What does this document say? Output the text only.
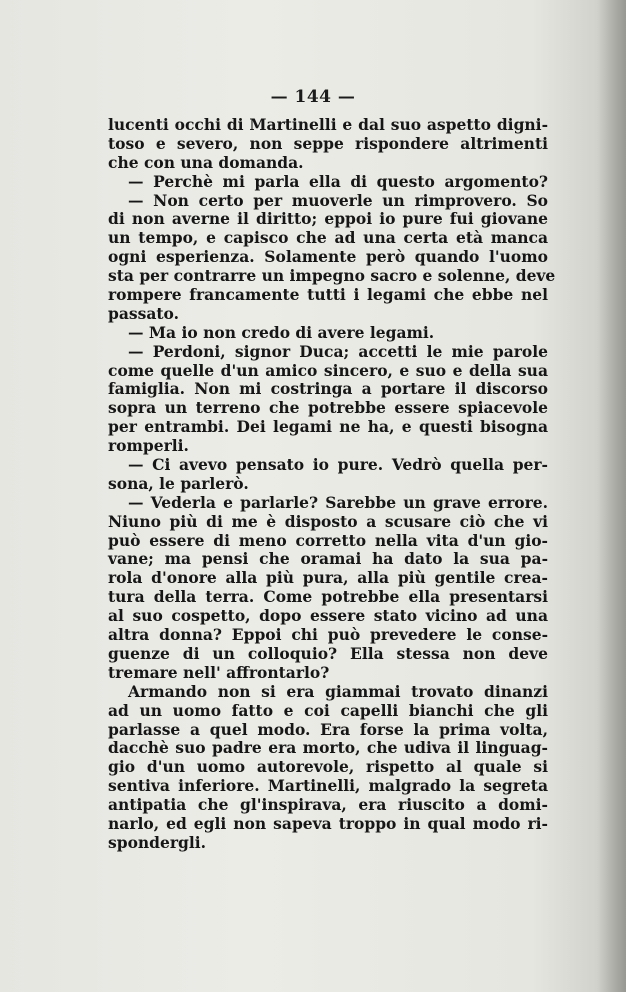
— 144 —
lucenti occhi di Martinelli e dal suo aspetto digni-
toso e severo, non seppe rispondere altrimenti
che con una domanda.
— Perchè mi parla ella di questo argomento?
— Non certo per muoverle un rimprovero. So
di non averne il diritto; eppoi io pure fui giovane
un tempo, e capisco che ad una certa età manca
ogni esperienza. Solamente però quando l'uomo
sta per contrarre un impegno sacro e solenne, deve
rompere francamente tutti i legami che ebbe nel
passato.
— Ma io non credo di avere legami.
— Perdoni, signor Duca; accetti le mie parole
come quelle d'un amico sincero, e suo e della sua
famiglia. Non mi costringa a portare il discorso
sopra un terreno che potrebbe essere spiacevole
per entrambi. Dei legami ne ha, e questi bisogna
romperli.
— Ci avevo pensato io pure. Vedrò quella per-
sona, le parlerò.
— Vederla e parlarle? Sarebbe un grave errore.
Niuno più di me è disposto a scusare ciò che vi
può essere di meno corretto nella vita d'un gio-
vane; ma pensi che oramai ha dato la sua pa-
rola d'onore alla più pura, alla più gentile crea-
tura della terra. Come potrebbe ella presentarsi
al suo cospetto, dopo essere stato vicino ad una
altra donna? Eppoi chi può prevedere le conse-
guenze di un colloquio? Ella stessa non deve
tremare nell' affrontarlo?
Armando non si era giammai trovato dinanzi
ad un uomo fatto e coi capelli bianchi che gli
parlasse a quel modo. Era forse la prima volta,
dacchè suo padre era morto, che udiva il linguag-
gio d'un uomo autorevole, rispetto al quale si
sentiva inferiore. Martinelli, malgrado la segreta
antipatia che gl'inspirava, era riuscito a domi-
narlo, ed egli non sapeva troppo in qual modo ri-
spondergli.
